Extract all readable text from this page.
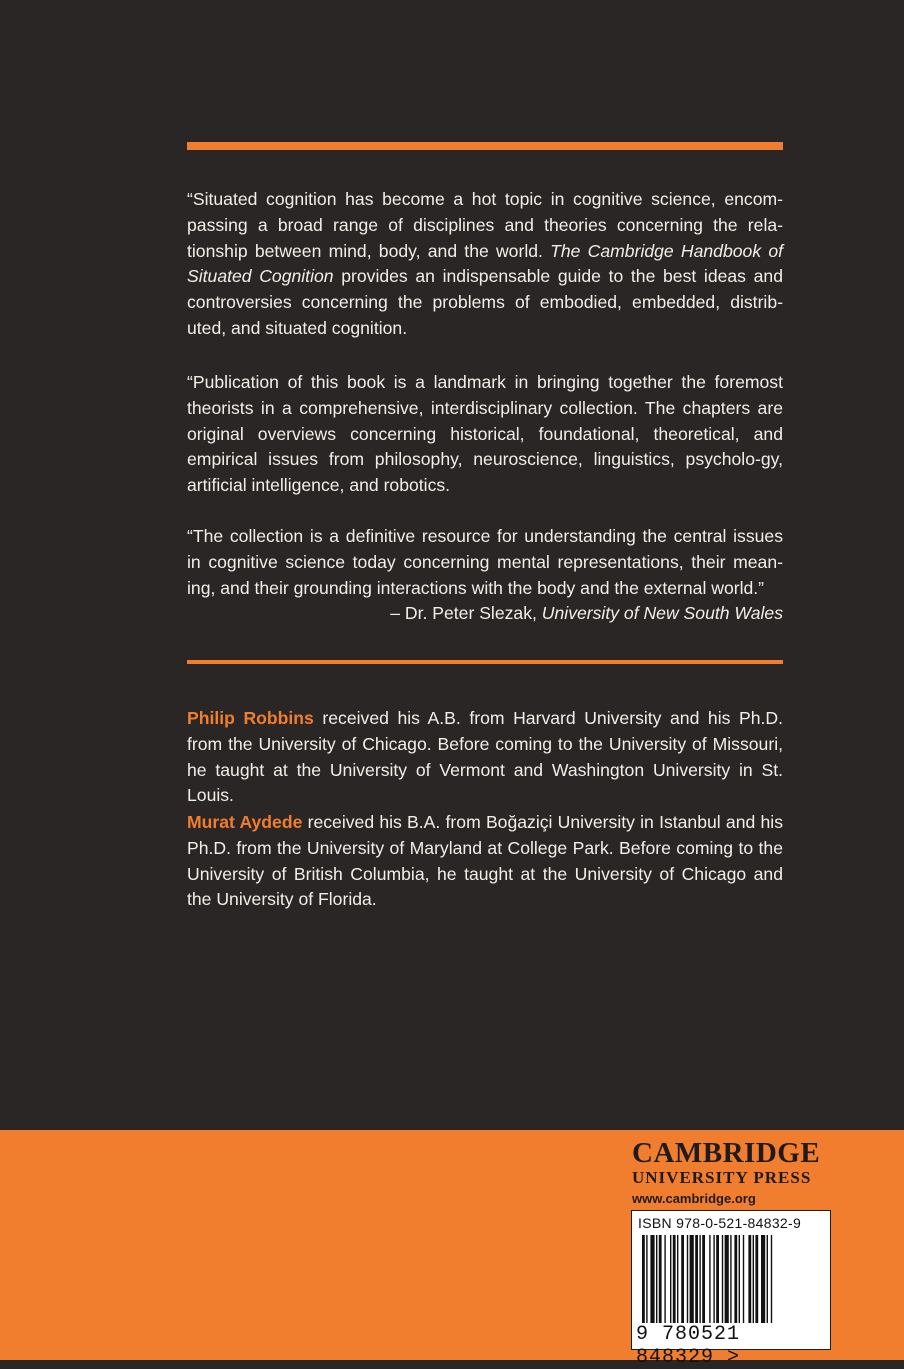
“Situated cognition has become a hot topic in cognitive science, encom-passing a broad range of disciplines and theories concerning the rela-tionship between mind, body, and the world. The Cambridge Handbook of Situated Cognition provides an indispensable guide to the best ideas and controversies concerning the problems of embodied, embedded, distrib-uted, and situated cognition.

“Publication of this book is a landmark in bringing together the foremost theorists in a comprehensive, interdisciplinary collection. The chapters are original overviews concerning historical, foundational, theoretical, and empirical issues from philosophy, neuroscience, linguistics, psycholo-gy, artificial intelligence, and robotics.

“The collection is a definitive resource for understanding the central issues in cognitive science today concerning mental representations, their mean-ing, and their grounding interactions with the body and the external world.”

– Dr. Peter Slezak, University of New South Wales

Philip Robbins received his A.B. from Harvard University and his Ph.D. from the University of Chicago. Before coming to the University of Missouri, he taught at the University of Vermont and Washington University in St. Louis.

Murat Aydede received his B.A. from Boğaziçi University in Istanbul and his Ph.D. from the University of Maryland at College Park. Before coming to the University of British Columbia, he taught at the University of Chicago and the University of Florida.

CAMBRIDGE
UNIVERSITY PRESS
www.cambridge.org
ISBN 978-0-521-84832-9
9 780521 848329 >
